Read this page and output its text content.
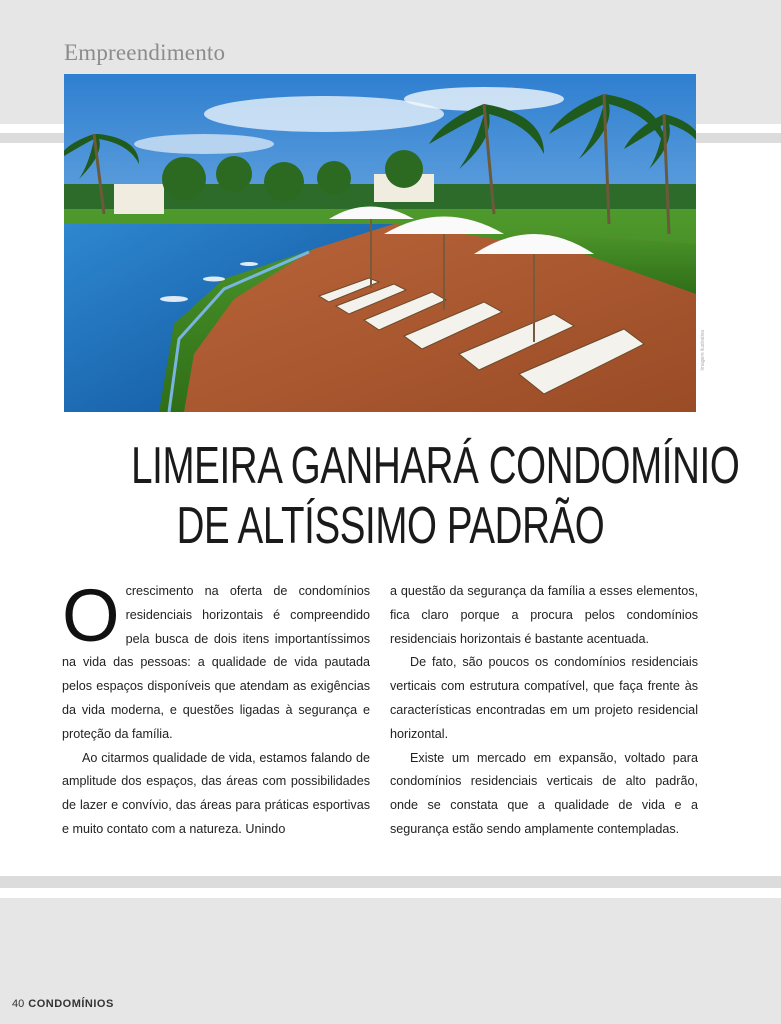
Empreendimento
Imagem ilustrativa
LIMEIRA GANHARÁ CONDOMÍNIO
DE ALTÍSSIMO PADRÃO

Ocrescimento na oferta de condomínios residenciais horizontais é compreendido pela busca de dois itens importantíssimos na vida das pessoas: a qualidade de vida pautada pelos espaços disponíveis que atendam as exigências da vida moderna, e questões ligadas à segurança e proteção da família.

Ao citarmos qualidade de vida, estamos falando de amplitude dos espaços, das áreas com possibilidades de lazer e convívio, das áreas para práticas esportivas e muito contato com a natureza. Unindo

a questão da segurança da família a esses elementos, fica claro porque a procura pelos condomínios residenciais horizontais é bastante acentuada.

De fato, são poucos os condomínios residenciais verticais com estrutura compatível, que faça frente às características encontradas em um projeto residencial horizontal.

Existe um mercado em expansão, voltado para condomínios residenciais verticais de alto padrão, onde se constata que a qualidade de vida e a segurança estão sendo amplamente contempladas.

40 CONDOMÍNIOS
